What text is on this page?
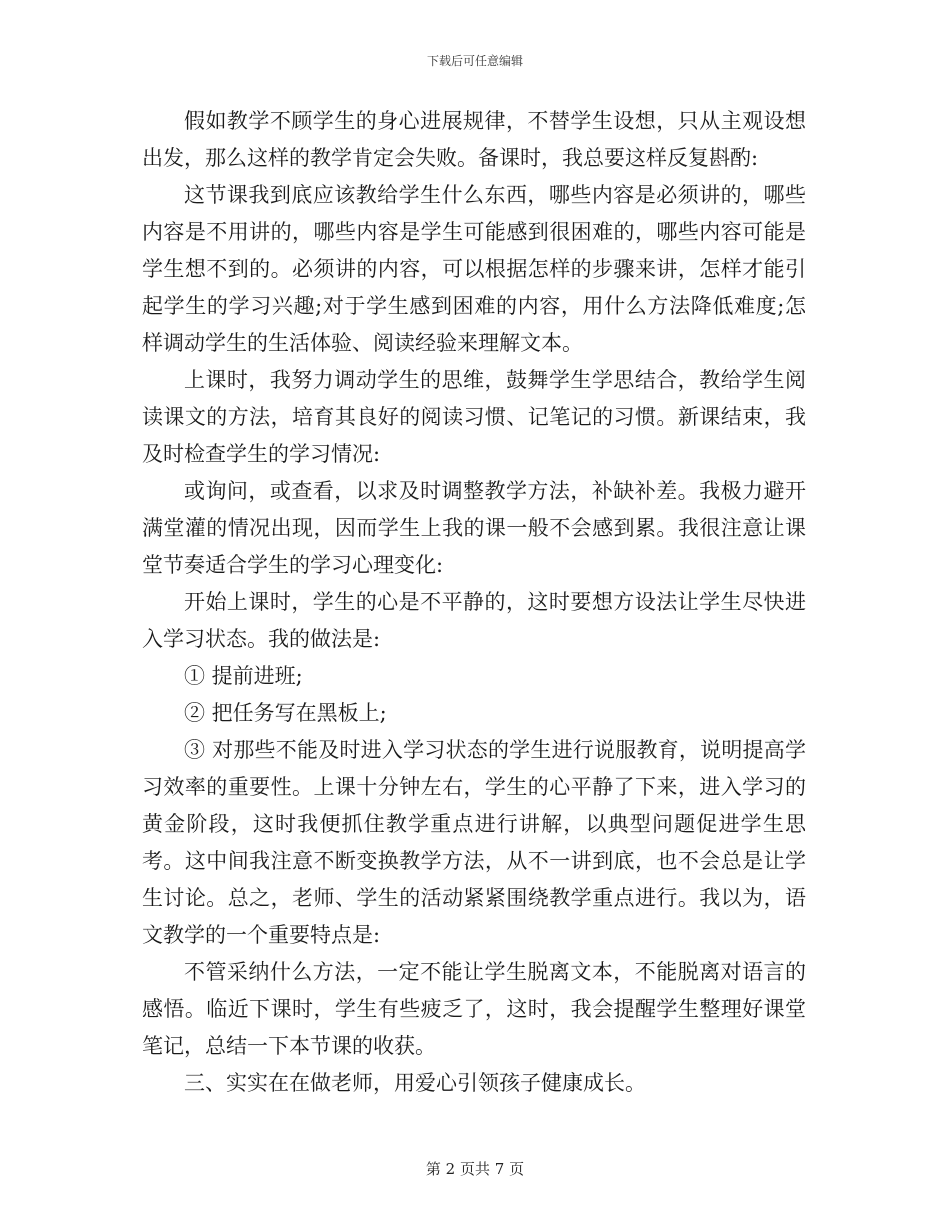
下载后可任意编辑

假如教学不顾学生的身心进展规律，不替学生设想，只从主观设想出发，那么这样的教学肯定会失败。备课时，我总要这样反复斟酌:

这节课我到底应该教给学生什么东西，哪些内容是必须讲的，哪些内容是不用讲的，哪些内容是学生可能感到很困难的，哪些内容可能是学生想不到的。必须讲的内容，可以根据怎样的步骤来讲，怎样才能引起学生的学习兴趣;对于学生感到困难的内容，用什么方法降低难度;怎样调动学生的生活体验、阅读经验来理解文本。

上课时，我努力调动学生的思维，鼓舞学生学思结合，教给学生阅读课文的方法，培育其良好的阅读习惯、记笔记的习惯。新课结束，我及时检查学生的学习情况:

或询问，或查看，以求及时调整教学方法，补缺补差。我极力避开满堂灌的情况出现，因而学生上我的课一般不会感到累。我很注意让课堂节奏适合学生的学习心理变化:

开始上课时，学生的心是不平静的，这时要想方设法让学生尽快进入学习状态。我的做法是:

① 提前进班;

② 把任务写在黑板上;

③ 对那些不能及时进入学习状态的学生进行说服教育，说明提高学习效率的重要性。上课十分钟左右，学生的心平静了下来，进入学习的黄金阶段，这时我便抓住教学重点进行讲解，以典型问题促进学生思考。这中间我注意不断变换教学方法，从不一讲到底，也不会总是让学生讨论。总之，老师、学生的活动紧紧围绕教学重点进行。我以为，语文教学的一个重要特点是:

不管采纳什么方法，一定不能让学生脱离文本，不能脱离对语言的感悟。临近下课时，学生有些疲乏了，这时，我会提醒学生整理好课堂笔记，总结一下本节课的收获。

三、实实在在做老师，用爱心引领孩子健康成长。

第 2 页共 7 页
